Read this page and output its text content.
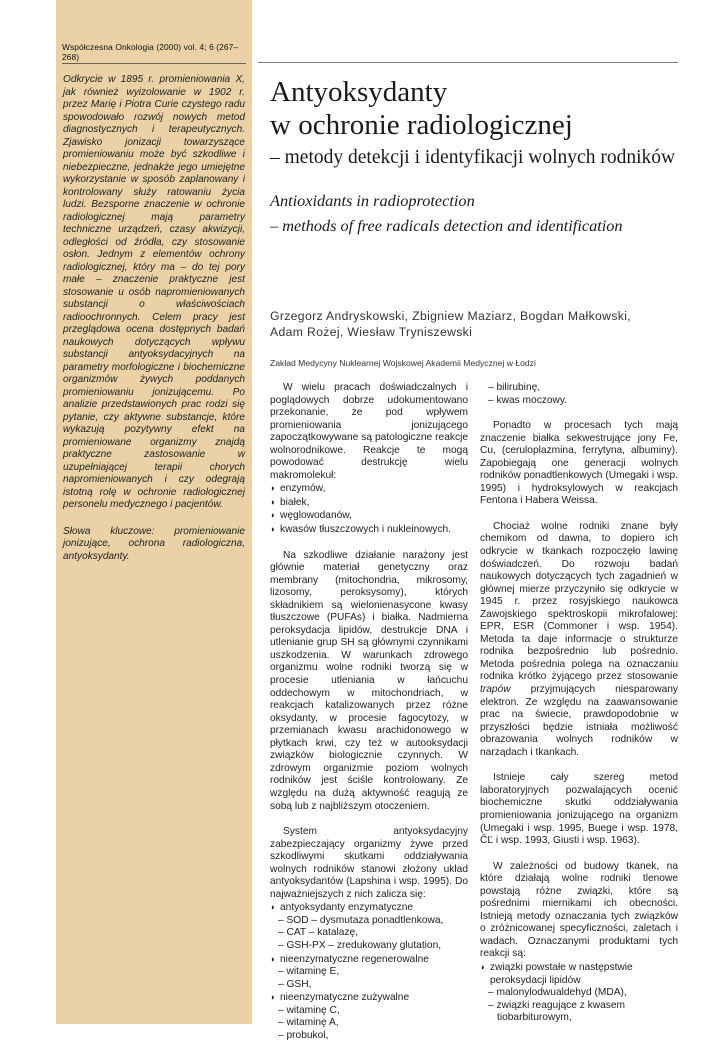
Współczesna Onkologia (2000) vol. 4; 6 (267–268)

Odkrycie w 1895 r. promieniowania X, jak również wyizolowanie w 1902 r. przez Marię i Piotra Curie czystego radu spowodowało rozwój nowych metod diagnostycznych i terapeutycznych. Zjawisko jonizacji towarzyszące promieniowaniu może być szkodliwe i niebezpieczne, jednakże jego umiejętne wykorzystanie w sposób zaplanowany i kontrolowany służy ratowaniu życia ludzi. Bezsporne znaczenie w ochronie radiologicznej mają parametry techniczne urządzeń, czasy akwizycji, odległości od źródła, czy stosowanie osłon. Jednym z elementów ochrony radiologicznej, który ma – do tej pory małe – znaczenie praktyczne jest stosowanie u osób napromieniowanych substancji o właściwościach radioochronnych. Celem pracy jest przeglądowa ocena dostępnych badań naukowych dotyczących wpływu substancji antyoksydacyjnych na parametry morfologiczne i biochemiczne organizmów żywych poddanych promieniowaniu jonizującemu. Po analizie przedstawionych prac rodzi się pytanie, czy aktywne substancje, które wykazują pozytywny efekt na promieniowane organizmy znajdą praktyczne zastosowanie w uzupełniającej terapii chorych napromieniowanych i czy odegrają istotną rolę w ochronie radiologicznej personelu medycznego i pacjentów.

Słowa kluczowe: promieniowanie jonizujące, ochrona radiologiczna, antyoksydanty.

Antyoksydanty
w ochronie radiologicznej
– metody detekcji i identyfikacji wolnych rodników
Antioxidants in radioprotection
– methods of free radicals detection and identification
Grzegorz Andryskowski, Zbigniew Maziarz, Bogdan Małkowski,
Adam Rożej, Wiesław Tryniszewski
Zakład Medycyny Nuklearnej Wojskowej Akademii Medycznej w Łodzi

W wielu pracach doświadczalnych i poglądowych dobrze udokumentowano przekonanie, że pod wpływem promieniowania jonizującego zapoczątkowywane są patologiczne reakcje wolnorodnikowe. Reakcje te mogą powodować destrukcję wielu makromolekuł:

◗ enzymów,
◗ białek,
◗ węglowodanów,
◗ kwasów tłuszczowych i nukleinowych.

Na szkodliwe działanie narażony jest głównie materiał genetyczny oraz membrany (mitochondria, mikrosomy, lizosomy, peroksysomy), których składnikiem są wielonienasycone kwasy tłuszczowe (PUFAs) i białka. Nadmierna peroksydacja lipidów, destrukcje DNA i utlenianie grup SH są głównymi czynnikami uszkodzenia. W warunkach zdrowego organizmu wolne rodniki tworzą się w procesie utleniania w łańcuchu oddechowym w mitochondriach, w reakcjach katalizowanych przez różne oksydanty, w procesie fagocytozy, w przemianach kwasu arachidonowego w płytkach krwi, czy też w autooksydacji związków biologicznie czynnych. W zdrowym organizmie poziom wolnych rodników jest ściśle kontrolowany. Ze względu na dużą aktywność reagują ze sobą lub z najbliższym otoczeniem.

System antyoksydacyjny zabezpieczający organizmy żywe przed szkodliwymi skutkami oddziaływania wolnych rodników stanowi złożony układ antyoksydantów (Lapshina i wsp. 1995). Do najważniejszych z nich zalicza się:

◗ antyoksydanty enzymatyczne
– SOD – dysmutaza ponadtlenkowa,
– CAT – katalazę,
– GSH-PX – zredukowany glutation,
◗ nieenzymatyczne regenerowalne
– witaminę E,
– GSH,
◗ nieenzymatyczne zużywalne
– witaminę C,
– witaminę A,
– probukol,
– bilirubinę,
– kwas moczowy.

Ponadto w procesach tych mają znaczenie białka sekwestrujące jony Fe, Cu, (ceruloplazmina, ferrytyna, albuminy). Zapobiegają one generacji wolnych rodników ponadtlenkowych (Umegaki i wsp. 1995) i hydroksylowych w reakcjach Fentona i Habera Weissa.

Chociaż wolne rodniki znane były chemikom od dawna, to dopiero ich odkrycie w tkankach rozpoczęło lawinę doświadczeń. Do rozwoju badań naukowych dotyczących tych zagadnień w głównej mierze przyczyniło się odkrycie w 1945 r. przez rosyjskiego naukowca Zawojskiego spektroskopii mikrofalowej: EPR, ESR (Commoner i wsp. 1954). Metoda ta daje informacje o strukturze rodnika bezpośrednio lub pośrednio. Metoda pośrednia polega na oznaczaniu rodnika krótko żyjącego przez stosowanie trapów przyjmujących niesparowany elektron. Ze względu na zaawansowanie prac na świecie, prawdopodobnie w przyszłości będzie istniała możliwość obrazowania wolnych rodników w narządach i tkankach.

Istnieje cały szereg metod laboratoryjnych pozwalających ocenić biochemiczne skutki oddziaływania promieniowania jonizującego na organizm (Umegaki i wsp. 1995, Buege i wsp. 1978, ČĽ i wsp. 1993, Giusti i wsp. 1963).

W zależności od budowy tkanek, na które działają wolne rodniki tlenowe powstają różne związki, które są pośrednimi miernikami ich obecności. Istnieją metody oznaczania tych związków o zróżnicowanej specyficzności, zaletach i wadach. Oznaczanymi produktami tych reakcji są:

◗ związki powstałe w następstwie peroksydacji lipidów
– malonylodwualdehyd (MDA),
– związki reagujące z kwasem tiobarbiturowym,
